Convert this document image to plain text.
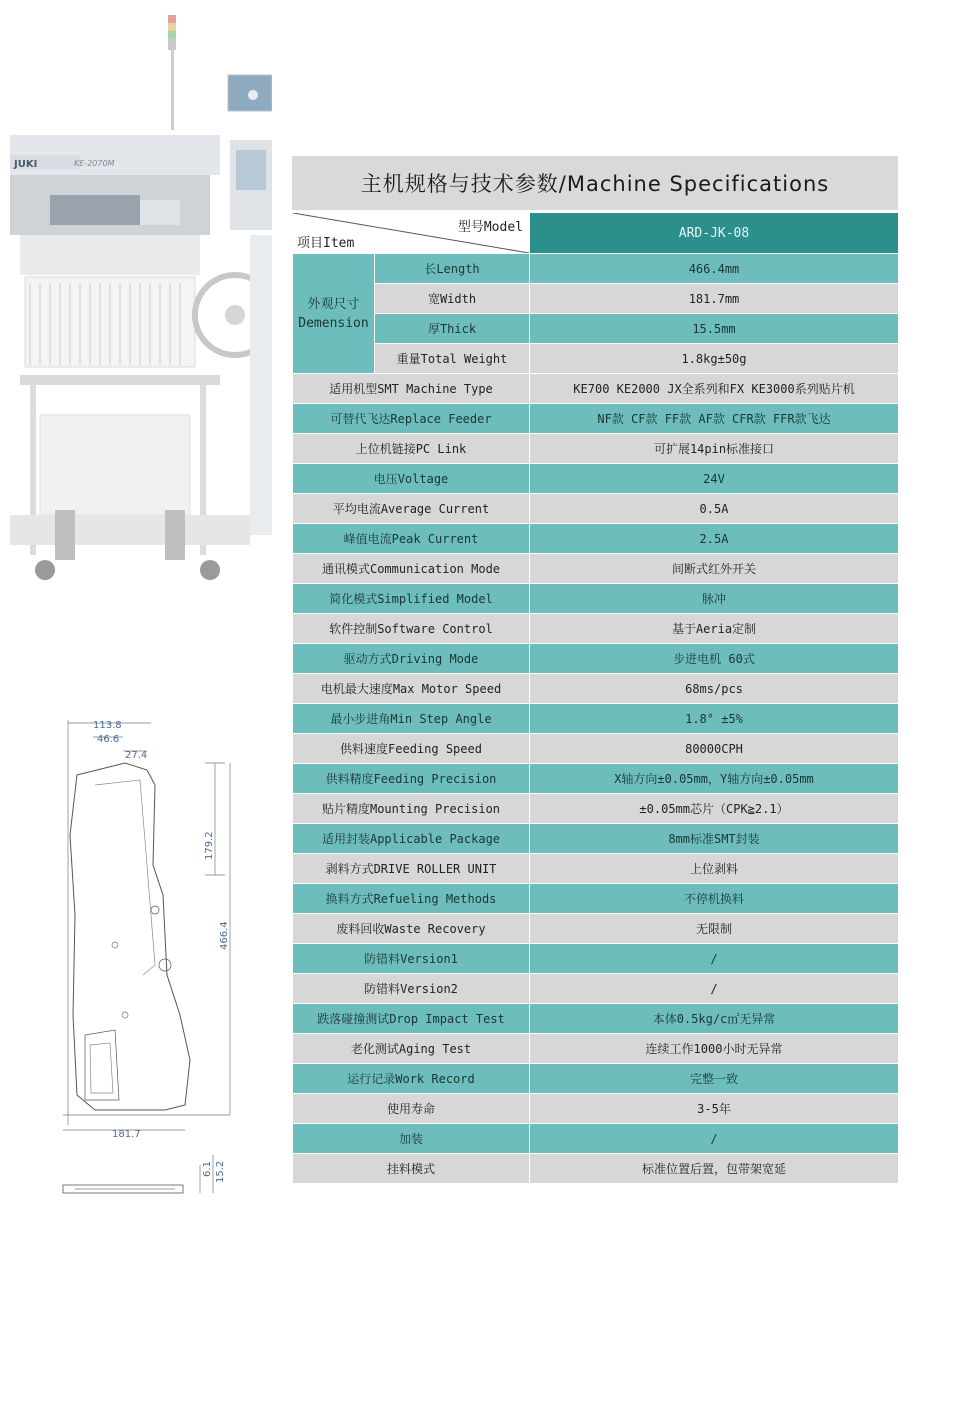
JUKI	KE-2070M
113.8
46.6
27.4
179.2
466.4
181.7
6.1 15.2
主机规格与技术参数/Machine Specifications
型号Model
项目Item		ARD-JK-08
外观尺寸
Demension	长Length	466.4mm
	宽Width	181.7mm
	厚Thick	15.5mm
	重量Total Weight	1.8kg±50g
适用机型SMT Machine Type		KE700 KE2000 JX全系列和FX KE3000系列贴片机
可替代飞达Replace Feeder		NF款 CF款 FF款 AF款 CFR款 FFR款飞达
上位机链接PC Link		可扩展14pin标准接口
电压Voltage		24V
平均电流Average Current		0.5A
峰值电流Peak Current		2.5A
通讯模式Communication Mode		间断式红外开关
简化模式Simplified Model		脉冲
软件控制Software Control		基于Aeria定制
驱动方式Driving Mode		步进电机 60式
电机最大速度Max Motor Speed		68ms/pcs
最小步进角Min Step Angle		1.8° ±5%
供料速度Feeding Speed		80000CPH
供料精度Feeding Precision		X轴方向±0.05mm，Y轴方向±0.05mm
贴片精度Mounting Precision		±0.05mm芯片（CPK≧2.1）
适用封装Applicable Package		8mm标准SMT封装
剥料方式DRIVE ROLLER UNIT		上位剥料
换料方式Refueling Methods		不停机换料
废料回收Waste Recovery		无限制
防错料Version1		/
防错料Version2		/
跌落碰撞测试Drop Impact Test		本体0.5kg/c㎡无异常
老化测试Aging Test		连续工作1000小时无异常
运行记录Work Record		完整一致
使用寿命		3-5年
加装		/
挂料模式		标准位置后置，包带架宽延
